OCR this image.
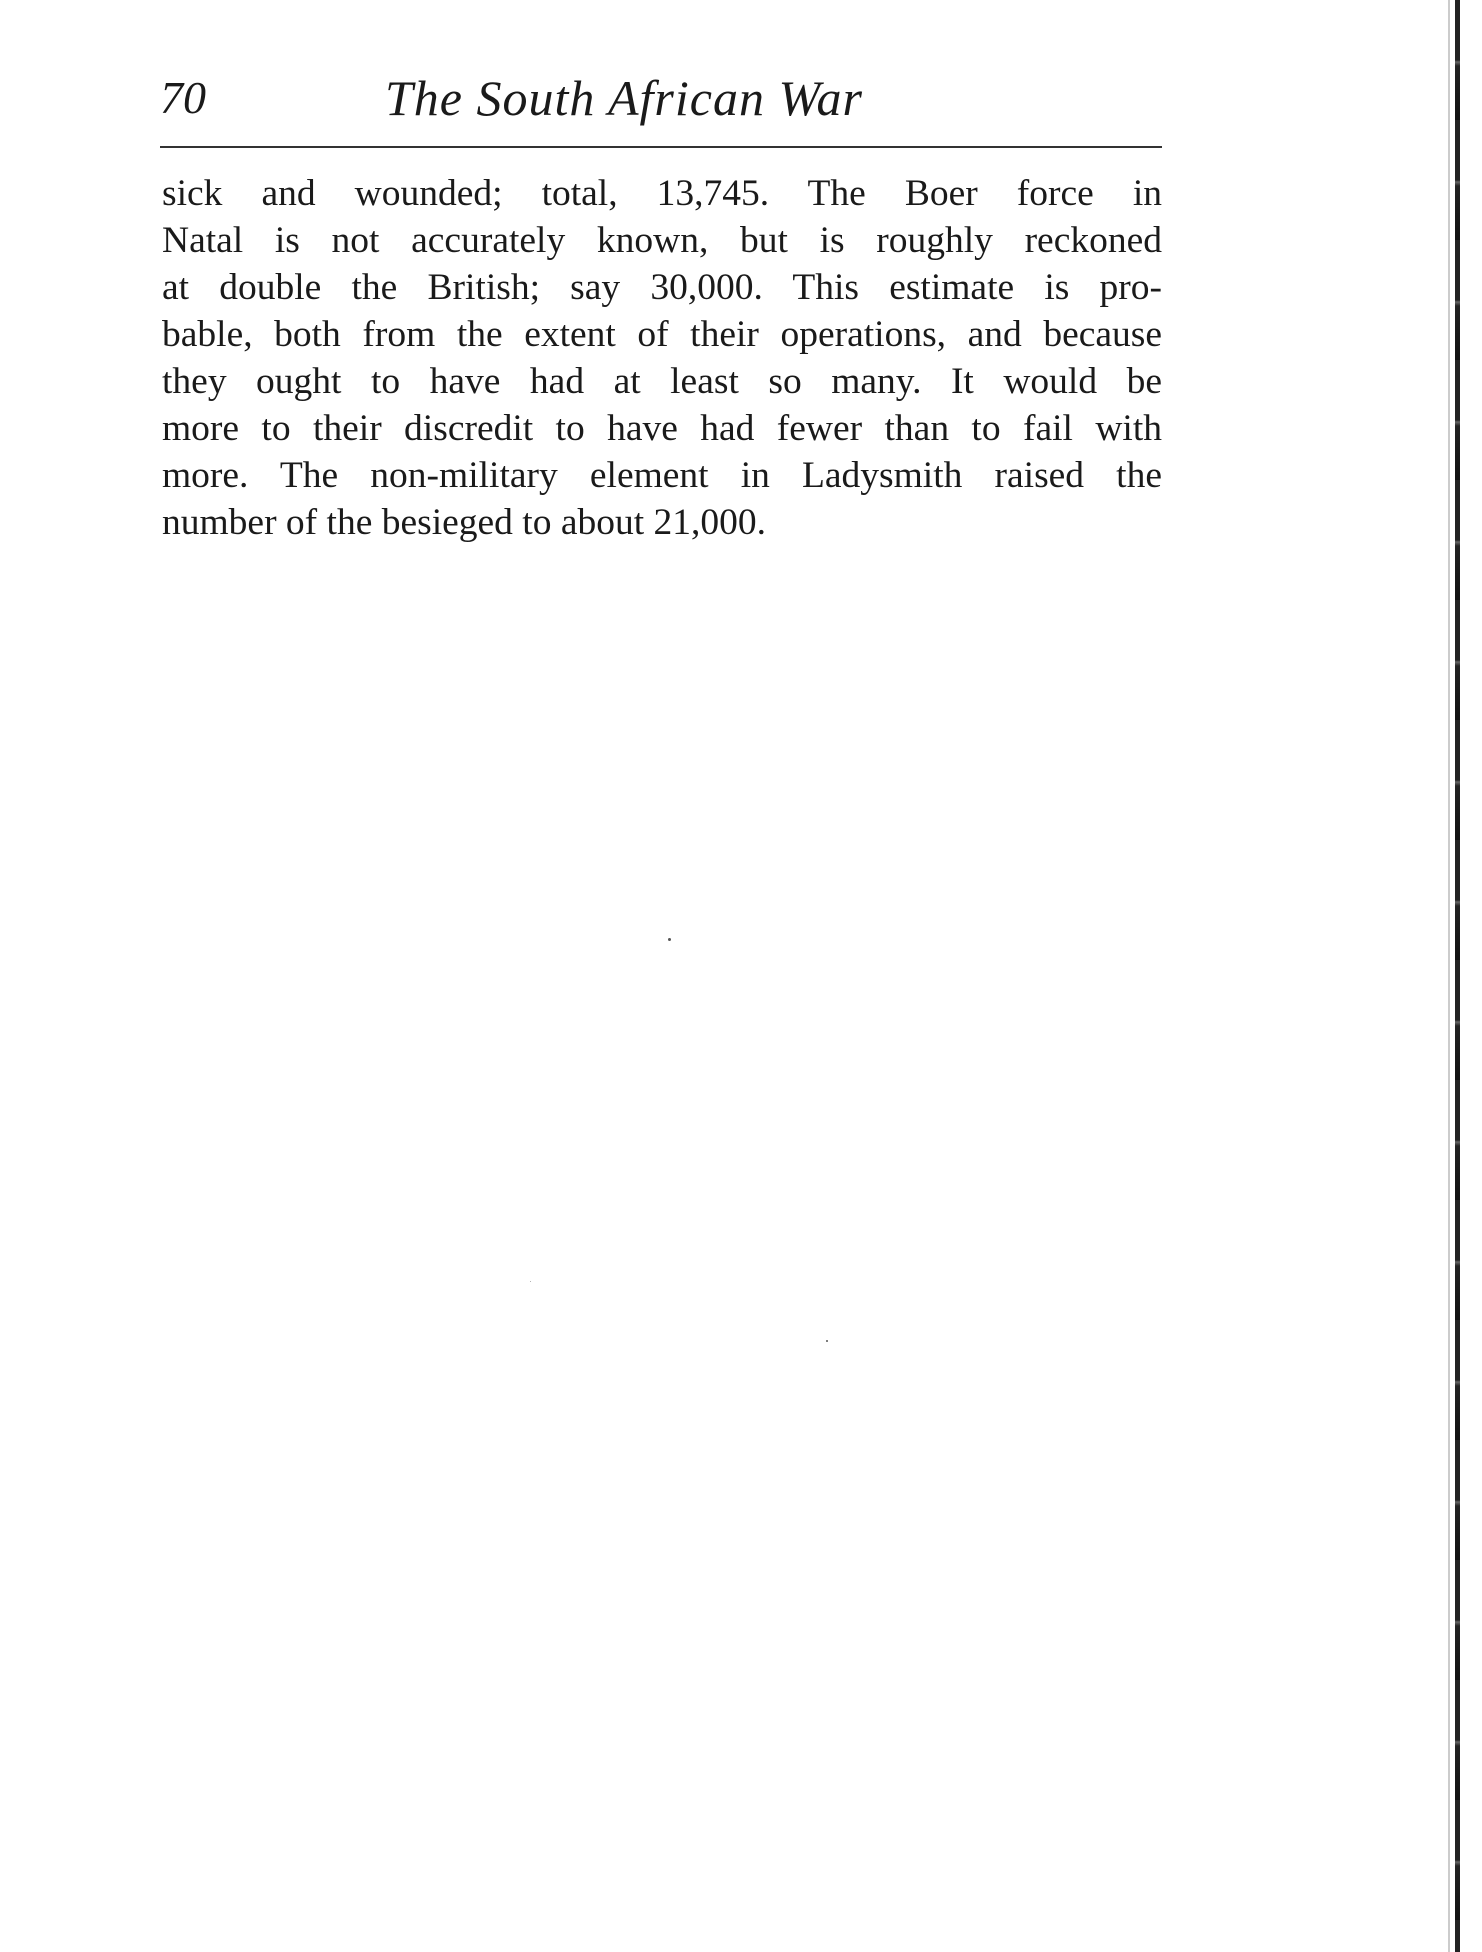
70	The South African War
sick and wounded; total, 13,745. The Boer force in
Natal is not accurately known, but is roughly reckoned
at double the British; say 30,000. This estimate is pro-
bable, both from the extent of their operations, and because
they ought to have had at least so many. It would be
more to their discredit to have had fewer than to fail with
more. The non-military element in Ladysmith raised the
number of the besieged to about 21,000.
